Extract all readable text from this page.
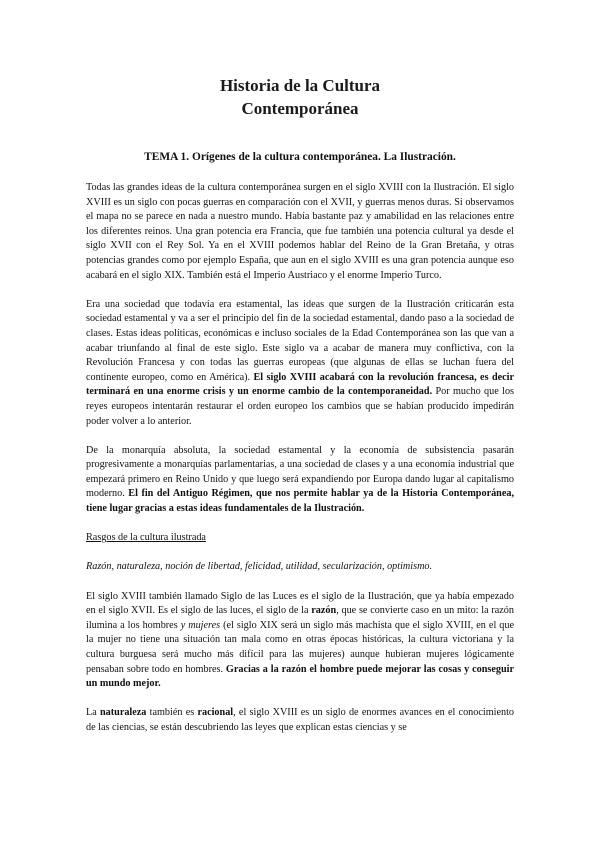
Historia de la Cultura
Contemporánea
TEMA 1. Orígenes de la cultura contemporánea. La Ilustración.

Todas las grandes ideas de la cultura contemporánea surgen en el siglo XVIII con la Ilustración. El siglo XVIII es un siglo con pocas guerras en comparación con el XVII, y guerras menos duras. Si observamos el mapa no se parece en nada a nuestro mundo. Había bastante paz y amabilidad en las relaciones entre los diferentes reinos. Una gran potencia era Francia, que fue también una potencia cultural ya desde el siglo XVII con el Rey Sol. Ya en el XVIII podemos hablar del Reino de la Gran Bretaña, y otras potencias grandes como por ejemplo España, que aun en el siglo XVIII es una gran potencia aunque eso acabará en el siglo XIX. También está el Imperio Austriaco y el enorme Imperio Turco.

Era una sociedad que todavía era estamental, las ideas que surgen de la Ilustración criticarán esta sociedad estamental y va a ser el principio del fin de la sociedad estamental, dando paso a la sociedad de clases. Estas ideas políticas, económicas e incluso sociales de la Edad Contemporánea son las que van a acabar triunfando al final de este siglo. Este siglo va a acabar de manera muy conflictiva, con la Revolución Francesa y con todas las guerras europeas (que algunas de ellas se luchan fuera del continente europeo, como en América). El siglo XVIII acabará con la revolución francesa, es decir terminará en una enorme crisis y un enorme cambio de la contemporaneidad. Por mucho que los reyes europeos intentarán restaurar el orden europeo los cambios que se habían producido impedirán poder volver a lo anterior.

De la monarquía absoluta, la sociedad estamental y la economía de subsistencia pasarán progresivamente a monarquías parlamentarias, a una sociedad de clases y a una economía industrial que empezará primero en Reino Unido y que luego será expandiendo por Europa dando lugar al capitalismo moderno. El fin del Antiguo Régimen, que nos permite hablar ya de la Historia Contemporánea, tiene lugar gracias a estas ideas fundamentales de la Ilustración.

Rasgos de la cultura ilustrada

Razón, naturaleza, noción de libertad, felicidad, utilidad, secularización, optimismo.

El siglo XVIII también llamado Siglo de las Luces es el siglo de la Ilustración, que ya había empezado en el siglo XVII. Es el siglo de las luces, el siglo de la razón, que se convierte caso en un mito: la razón ilumina a los hombres y mujeres (el siglo XIX será un siglo más machista que el siglo XVIII, en el que la mujer no tiene una situación tan mala como en otras épocas históricas, la cultura victoriana y la cultura burguesa será mucho más difícil para las mujeres) aunque hubieran mujeres lógicamente pensaban sobre todo en hombres. Gracias a la razón el hombre puede mejorar las cosas y conseguir un mundo mejor.

La naturaleza también es racional, el siglo XVIII es un siglo de enormes avances en el conocimiento de las ciencias, se están descubriendo las leyes que explican estas ciencias y se
